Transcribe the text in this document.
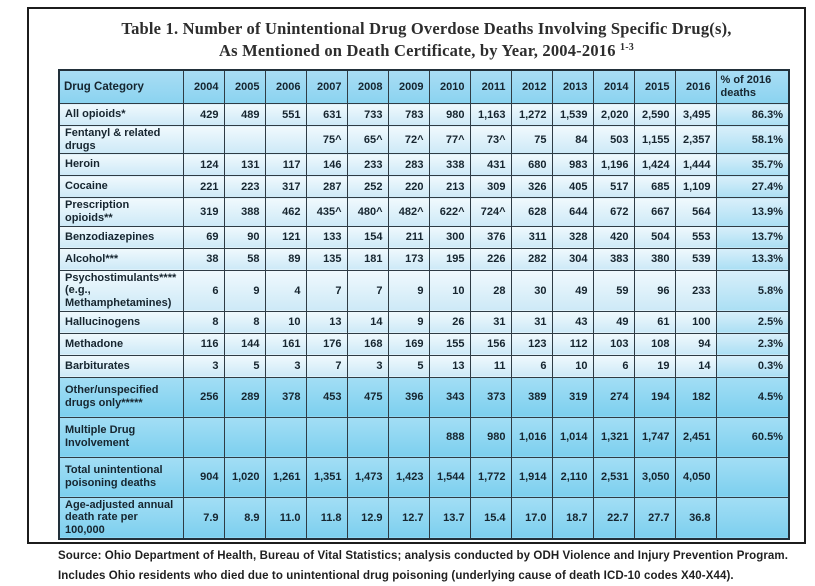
Table 1. Number of Unintentional Drug Overdose Deaths Involving Specific Drug(s),
As Mentioned on Death Certificate, by Year, 2004-2016 $^{1-3}$
Drug Category	2004	2005	2006	2007	2008	2009	2010	2011	2012	2013	2014	2015	2016	% of 2016 deaths
All opioids*	429	489	551	631	733	783	980	1,163	1,272	1,539	2,020	2,590	3,495	86.3%
Fentanyl & related drugs				75^	65^	72^	77^	73^	75	84	503	1,155	2,357	58.1%
Heroin	124	131	117	146	233	283	338	431	680	983	1,196	1,424	1,444	35.7%
Cocaine	221	223	317	287	252	220	213	309	326	405	517	685	1,109	27.4%
Prescription opioids**	319	388	462	435^	480^	482^	622^	724^	628	644	672	667	564	13.9%
Benzodiazepines	69	90	121	133	154	211	300	376	311	328	420	504	553	13.7%
Alcohol***	38	58	89	135	181	173	195	226	282	304	383	380	539	13.3%
Psychostimulants****
(e.g., Methamphetamines)	6	9	4	7	7	9	10	28	30	49	59	96	233	5.8%
Hallucinogens	8	8	10	13	14	9	26	31	31	43	49	61	100	2.5%
Methadone	116	144	161	176	168	169	155	156	123	112	103	108	94	2.3%
Barbiturates	3	5	3	7	3	5	13	11	6	10	6	19	14	0.3%
Other/unspecified
drugs only*****	256	289	378	453	475	396	343	373	389	319	274	194	182	4.5%
Multiple Drug
Involvement							888	980	1,016	1,014	1,321	1,747	2,451	60.5%
Total unintentional
poisoning deaths	904	1,020	1,261	1,351	1,473	1,423	1,544	1,772	1,914	2,110	2,531	3,050	4,050	
Age-adjusted annual
death rate per 100,000	7.9	8.9	11.0	11.8	12.9	12.7	13.7	15.4	17.0	18.7	22.7	27.7	36.8	
Source: Ohio Department of Health, Bureau of Vital Statistics; analysis conducted by ODH Violence and Injury Prevention Program.
Includes Ohio residents who died due to unintentional drug poisoning (underlying cause of death ICD-10 codes X40-X44).
